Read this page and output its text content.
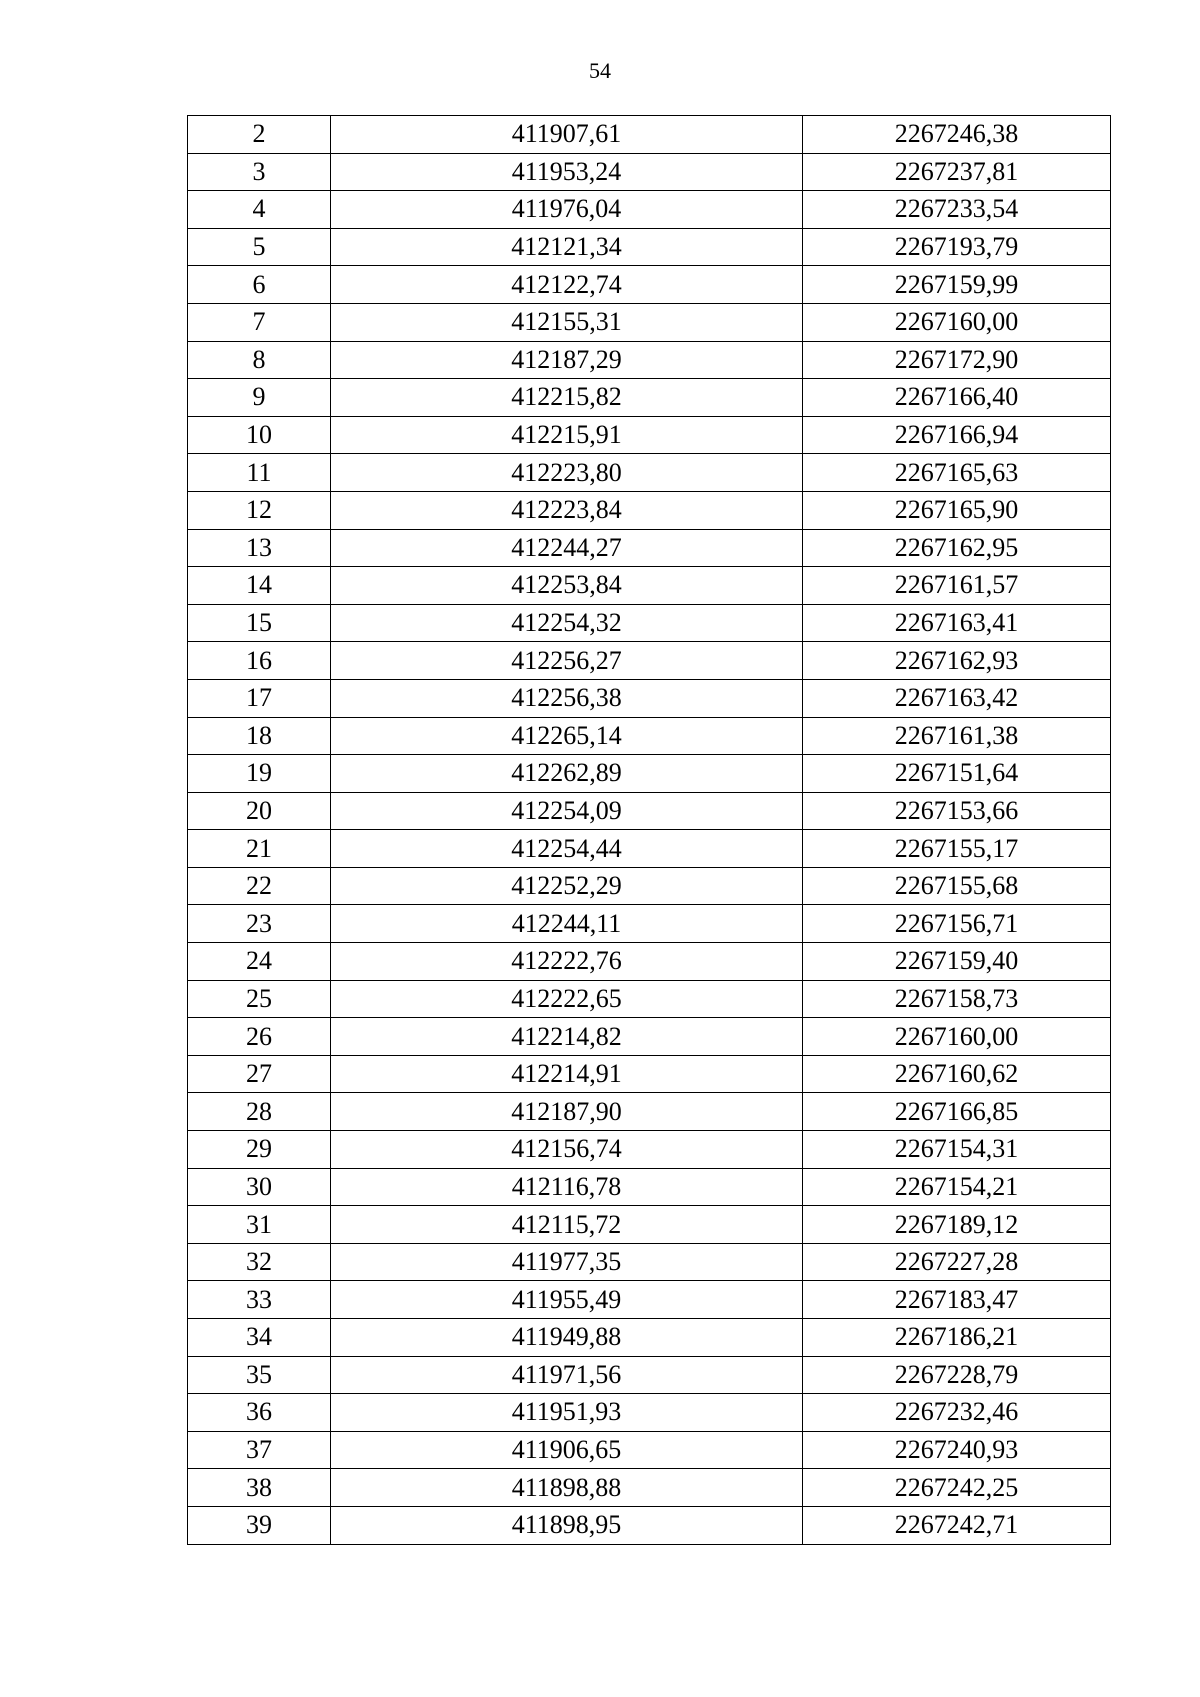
54
2	411907,61	2267246,38
3	411953,24	2267237,81
4	411976,04	2267233,54
5	412121,34	2267193,79
6	412122,74	2267159,99
7	412155,31	2267160,00
8	412187,29	2267172,90
9	412215,82	2267166,40
10	412215,91	2267166,94
11	412223,80	2267165,63
12	412223,84	2267165,90
13	412244,27	2267162,95
14	412253,84	2267161,57
15	412254,32	2267163,41
16	412256,27	2267162,93
17	412256,38	2267163,42
18	412265,14	2267161,38
19	412262,89	2267151,64
20	412254,09	2267153,66
21	412254,44	2267155,17
22	412252,29	2267155,68
23	412244,11	2267156,71
24	412222,76	2267159,40
25	412222,65	2267158,73
26	412214,82	2267160,00
27	412214,91	2267160,62
28	412187,90	2267166,85
29	412156,74	2267154,31
30	412116,78	2267154,21
31	412115,72	2267189,12
32	411977,35	2267227,28
33	411955,49	2267183,47
34	411949,88	2267186,21
35	411971,56	2267228,79
36	411951,93	2267232,46
37	411906,65	2267240,93
38	411898,88	2267242,25
39	411898,95	2267242,71
